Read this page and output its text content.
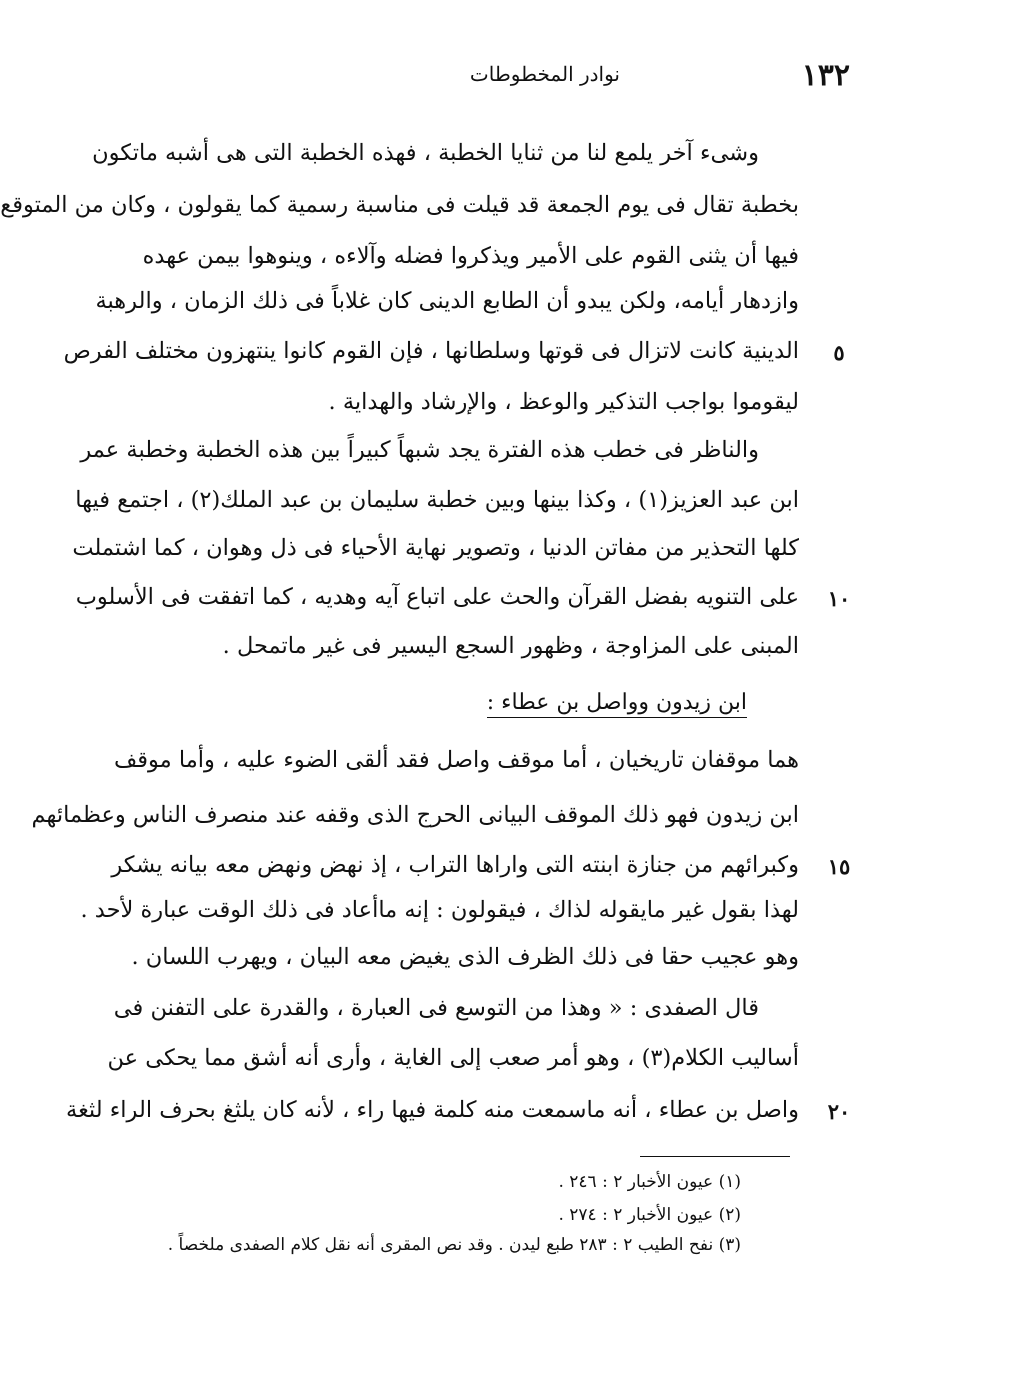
١٣٢
نوادر المخطوطات
وشىء آخر يلمع لنا من ثنايا الخطبة ، فهذه الخطبة التى هى أشبه ماتكون
بخطبة تقال فى يوم الجمعة قد قيلت فى مناسبة رسمية كما يقولون ، وكان من المتوقع
فيها أن يثنى القوم على الأمير ويذكروا فضله وآلاءه ، وينوهوا بيمن عهده
وازدهار أيامه، ولكن يبدو أن الطابع الدينى كان غلاباً فى ذلك الزمان ، والرهبة
الدينية كانت لاتزال فى قوتها وسلطانها ، فإن القوم كانوا ينتهزون مختلف الفرص	٥
ليقوموا بواجب التذكير والوعظ ، والإرشاد والهداية .
والناظر فى خطب هذه الفترة يجد شبهاً كبيراً بين هذه الخطبة وخطبة عمر
ابن عبد العزيز(١) ، وكذا بينها وبين خطبة سليمان بن عبد الملك(٢) ، اجتمع فيها
كلها التحذير من مفاتن الدنيا ، وتصوير نهاية الأحياء فى ذل وهوان ، كما اشتملت
على التنويه بفضل القرآن والحث على اتباع آيه وهديه ، كما اتفقت فى الأسلوب	١٠
المبنى على المزاوجة ، وظهور السجع اليسير فى غير ماتمحل .
هما موقفان تاريخيان ، أما موقف واصل فقد ألقى الضوء عليه ، وأما موقف
ابن زيدون فهو ذلك الموقف البيانى الحرج الذى وقفه عند منصرف الناس وعظمائهم
وكبرائهم من جنازة ابنته التى واراها التراب ، إذ نهض ونهض معه بيانه يشكر	١٥
لهذا بقول غير مايقوله لذاك ، فيقولون : إنه ماأعاد فى ذلك الوقت عبارة لأحد .
وهو عجيب حقا فى ذلك الظرف الذى يغيض معه البيان ، ويهرب اللسان .
قال الصفدى : « وهذا من التوسع فى العبارة ، والقدرة على التفنن فى
أساليب الكلام(٣) ، وهو أمر صعب إلى الغاية ، وأرى أنه أشق مما يحكى عن
واصل بن عطاء ، أنه ماسمعت منه كلمة فيها راء ، لأنه كان يلثغ بحرف الراء لثغة	٢٠
ابن زيدون وواصل بن عطاء :
(١) عيون الأخبار ٢ : ٢٤٦ .
(٢) عيون الأخبار ٢ : ٢٧٤ .
(٣) نفح الطيب ٢ : ٢٨٣ طبع ليدن . وقد نص المقرى أنه نقل كلام الصفدى ملخصاً .
